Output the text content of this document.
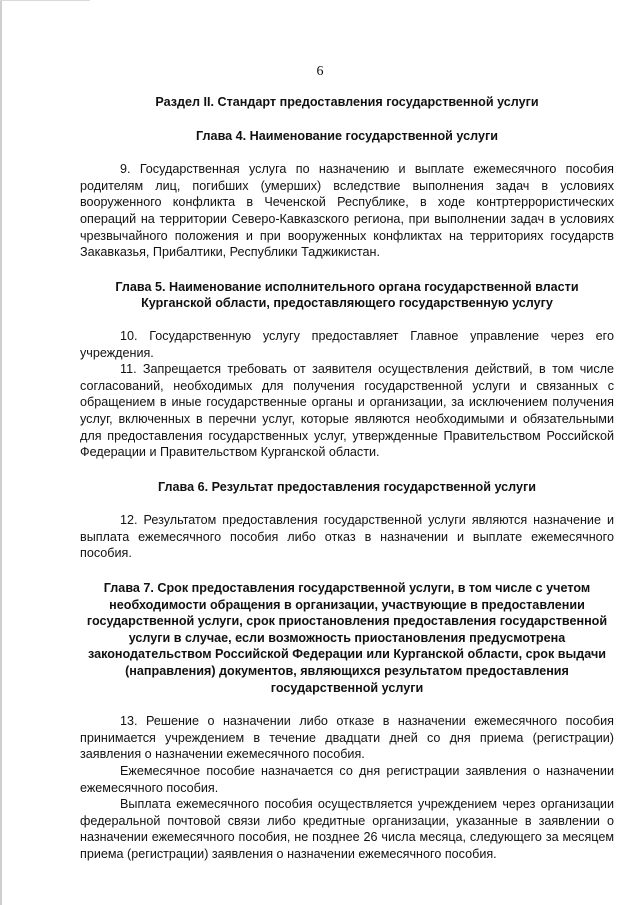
6

Раздел II. Стандарт предоставления государственной услуги

Глава 4. Наименование государственной услуги

9. Государственная услуга по назначению и выплате ежемесячного пособия родителям лиц, погибших (умерших) вследствие выполнения задач в условиях вооруженного конфликта в Чеченской Республике, в ходе контртеррористических операций на территории Северо-Кавказского региона, при выполнении задач в условиях чрезвычайного положения и при вооруженных конфликтах на территориях государств Закавказья, Прибалтики, Республики Таджикистан.

Глава 5. Наименование исполнительного органа государственной власти

Курганской области, предоставляющего государственную услугу

10. Государственную услугу предоставляет Главное управление через его учреждения.

11. Запрещается требовать от заявителя осуществления действий, в том числе согласований, необходимых для получения государственной услуги и связанных с обращением в иные государственные органы и организации, за исключением получения услуг, включенных в перечни услуг, которые являются необходимыми и обязательными для предоставления государственных услуг, утвержденные Правительством Российской Федерации и Правительством Курганской области.

Глава 6. Результат предоставления государственной услуги

12. Результатом предоставления государственной услуги являются назначение и выплата ежемесячного пособия либо отказ в назначении и выплате ежемесячного пособия.

Глава 7. Срок предоставления государственной услуги, в том числе с учетом

необходимости обращения в организации, участвующие в предоставлении

государственной услуги, срок приостановления предоставления государственной

услуги в случае, если возможность приостановления предусмотрена

законодательством Российской Федерации или Курганской области, срок выдачи

(направления) документов, являющихся результатом предоставления

государственной услуги

13. Решение о назначении либо отказе в назначении ежемесячного пособия принимается учреждением в течение двадцати дней со дня приема (регистрации) заявления о назначении ежемесячного пособия.

Ежемесячное пособие назначается со дня регистрации заявления о назначении ежемесячного пособия.

Выплата ежемесячного пособия осуществляется учреждением через организации федеральной почтовой связи либо кредитные организации, указанные в заявлении о назначении ежемесячного пособия, не позднее 26 числа месяца, следующего за месяцем приема (регистрации) заявления о назначении ежемесячного пособия.
